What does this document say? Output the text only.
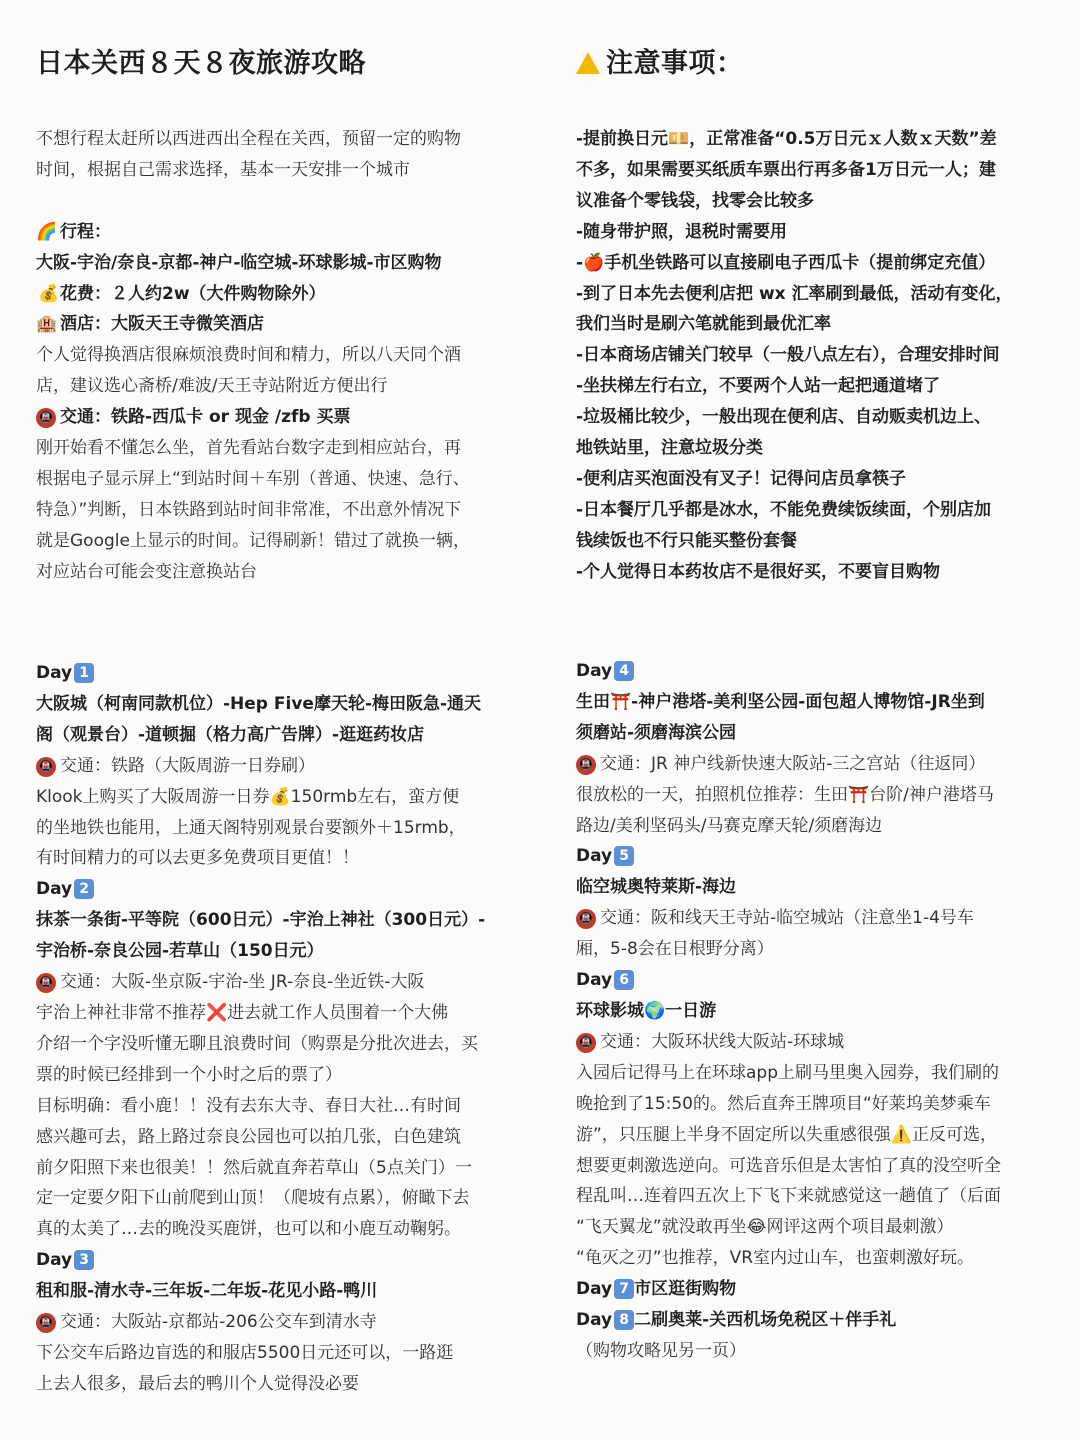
日本关西８天８夜旅游攻略
不想行程太赶所以西进西出全程在关西，预留一定的购物
时间，根据自己需求选择，基本一天安排一个城市
🌈 行程：
大阪-宇治/奈良-京都-神户-临空城-环球影城-市区购物
💰花费：２人约2w（大件购物除外）
🏨 酒店：大阪天王寺微笑酒店
个人觉得换酒店很麻烦浪费时间和精力，所以八天同个酒
店，建议选心斋桥/难波/天王寺站附近方便出行
🚇 交通：铁路-西瓜卡 or 现金 /zfb 买票
刚开始看不懂怎么坐，首先看站台数字走到相应站台，再
根据电子显示屏上“到站时间＋车别（普通、快速、急行、
特急）”判断，日本铁路到站时间非常准，不出意外情况下
就是Google上显示的时间。记得刷新！错过了就换一辆，
对应站台可能会变注意换站台
注意事项：
-提前换日元💴，正常准备“0.5万日元ｘ人数ｘ天数”差
不多，如果需要买纸质车票出行再多备1万日元一人；建
议准备个零钱袋，找零会比较多
-随身带护照，退税时需要用
-🍎手机坐铁路可以直接刷电子西瓜卡（提前绑定充值）
-到了日本先去便利店把 wx 汇率刷到最低，活动有变化，
我们当时是刷六笔就能到最优汇率
-日本商场店铺关门较早（一般八点左右），合理安排时间
-坐扶梯左行右立，不要两个人站一起把通道堵了
-垃圾桶比较少，一般出现在便利店、自动贩卖机边上、
地铁站里，注意垃圾分类
-便利店买泡面没有叉子！记得问店员拿筷子
-日本餐厅几乎都是冰水，不能免费续饭续面，个别店加
钱续饭也不行只能买整份套餐
-个人觉得日本药妆店不是很好买，不要盲目购物
Day 1
大阪城（柯南同款机位）-Hep Five摩天轮-梅田阪急-通天
阁（观景台）-道顿掘（格力高广告牌）-逛逛药妆店
🚇 交通：铁路（大阪周游一日券刷）
Klook上购买了大阪周游一日券💰150rmb左右，蛮方便
的坐地铁也能用，上通天阁特别观景台要额外＋15rmb，
有时间精力的可以去更多免费项目更值！！
Day 2
抹茶一条街-平等院（600日元）-宇治上神社（300日元）-
宇治桥-奈良公园-若草山（150日元）
🚇 交通：大阪-坐京阪-宇治-坐 JR-奈良-坐近铁-大阪
宇治上神社非常不推荐❌进去就工作人员围着一个大佛
介绍一个字没听懂无聊且浪费时间（购票是分批次进去，买
票的时候已经排到一个小时之后的票了）
目标明确：看小鹿！！没有去东大寺、春日大社…有时间
感兴趣可去，路上路过奈良公园也可以拍几张，白色建筑
前夕阳照下来也很美！！然后就直奔若草山（5点关门）一
定一定要夕阳下山前爬到山顶！（爬坡有点累），俯瞰下去
真的太美了…去的晚没买鹿饼，也可以和小鹿互动鞠躬。
Day 3
租和服-清水寺-三年坂-二年坂-花见小路-鸭川
🚇 交通：大阪站-京都站-206公交车到清水寺
下公交车后路边盲选的和服店5500日元还可以，一路逛
上去人很多，最后去的鸭川个人觉得没必要
Day 4
生田⛩️-神户港塔-美利坚公园-面包超人博物馆-JR坐到
须磨站-须磨海滨公园
🚇 交通：JR 神户线新快速大阪站-三之宫站（往返同）
很放松的一天，拍照机位推荐：生田⛩️台阶/神户港塔马
路边/美利坚码头/马赛克摩天轮/须磨海边
Day 5
临空城奥特莱斯-海边
🚇 交通：阪和线天王寺站-临空城站（注意坐1-4号车
厢，5-8会在日根野分离）
Day 6
环球影城🌍一日游
🚇 交通：大阪环状线大阪站-环球城
入园后记得马上在环球app上刷马里奥入园券，我们刷的
晚抢到了15:50的。然后直奔王牌项目“好莱坞美梦乘车
游”，只压腿上半身不固定所以失重感很强⚠️正反可选，
想要更刺激选逆向。可选音乐但是太害怕了真的没空听全
程乱叫…连着四五次上下飞下来就感觉这一趟值了（后面
“飞天翼龙”就没敢再坐😂网评这两个项目最刺激）
“龟灭之刃”也推荐，VR室内过山车，也蛮刺激好玩。
Day 7 市区逛街购物
Day 8 二刷奥莱-关西机场免税区＋伴手礼
（购物攻略见另一页）
